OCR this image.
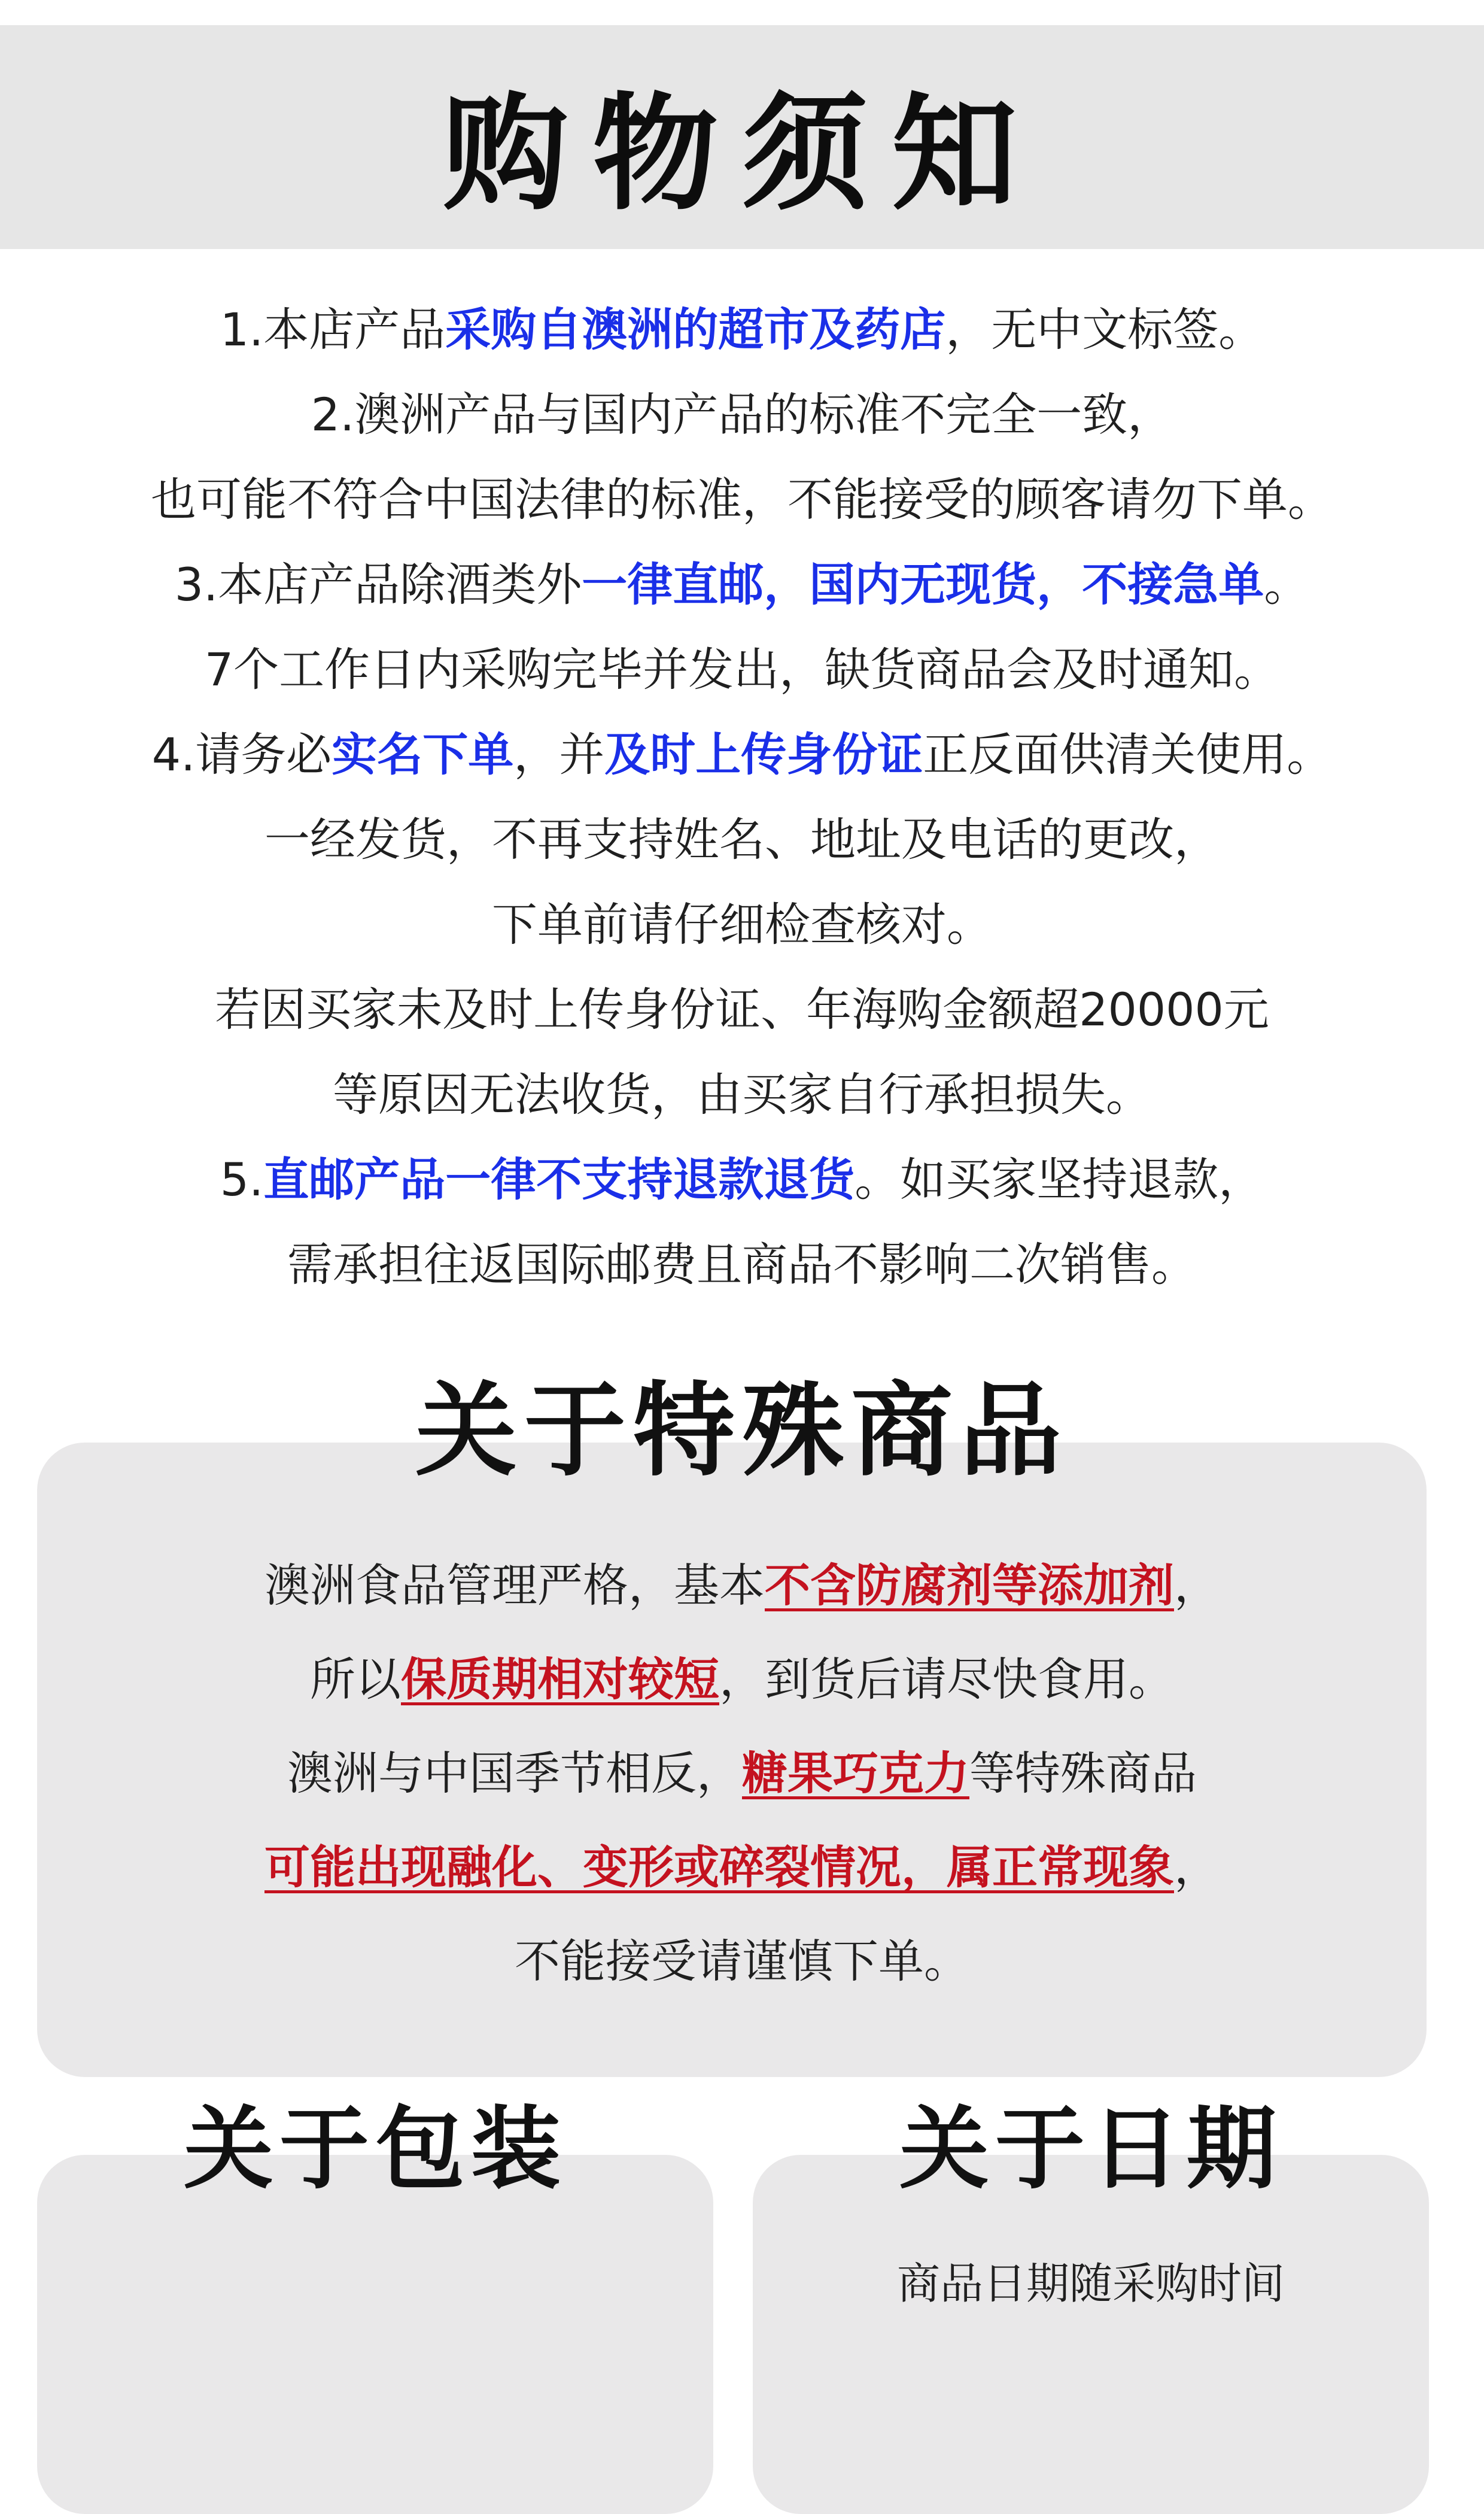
购物须知
1.本店产品采购自澳洲的超市及药店，无中文标签。
2.澳洲产品与国内产品的标准不完全一致，
也可能不符合中国法律的标准，不能接受的顾客请勿下单。
3.本店产品除酒类外一律直邮，国内无现货，不接急单。
7个工作日内采购完毕并发出，缺货商品会及时通知。
4.请务必实名下单，并及时上传身份证正反面供清关使用。
一经发货，不再支持姓名、地址及电话的更改，
下单前请仔细检查核对。
若因买家未及时上传身份证、年海购金额超20000元
等原因无法收货，由买家自行承担损失。
5.直邮产品一律不支持退款退货。如买家坚持退款，
需承担往返国际邮费且商品不影响二次销售。
关于特殊商品
澳洲食品管理严格，基本不含防腐剂等添加剂，
所以保质期相对较短，到货后请尽快食用。
澳洲与中国季节相反，糖果巧克力等特殊商品
可能出现融化、变形或碎裂情况，属正常现象，
不能接受请谨慎下单。
关于包装	关于日期
商品日期随采购时间
